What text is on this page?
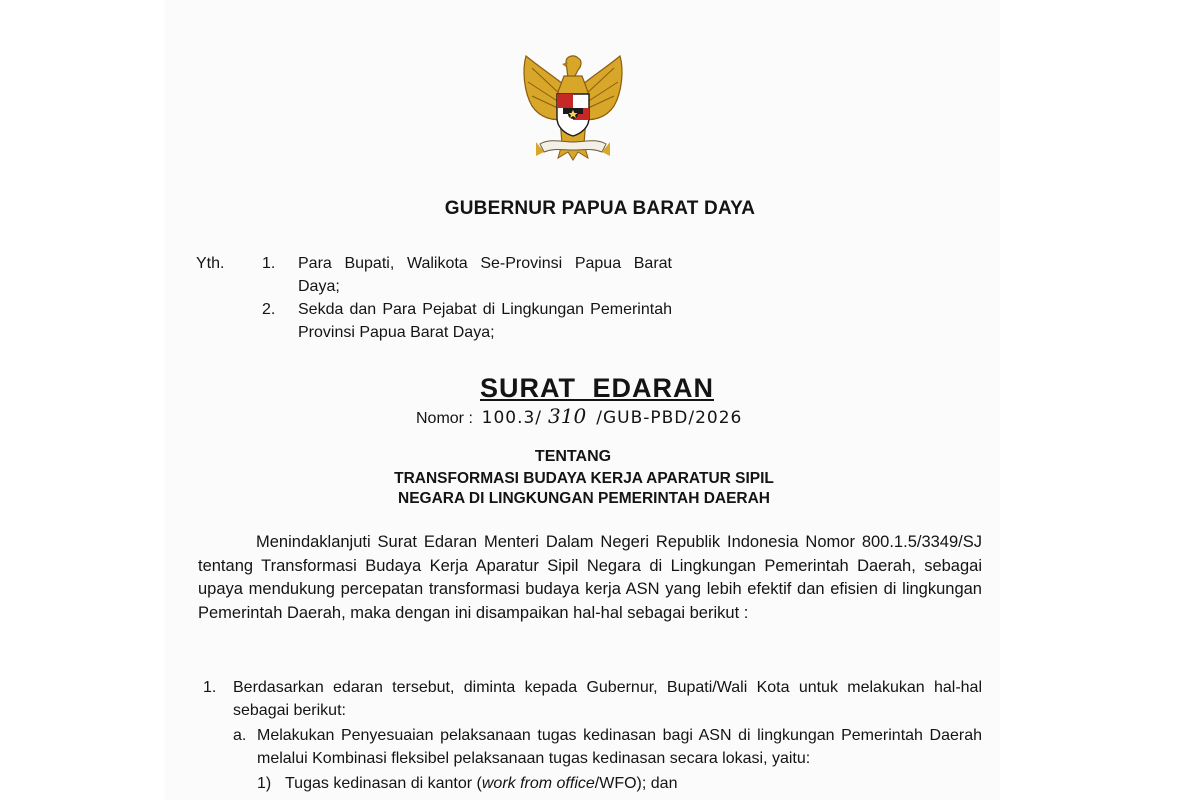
GUBERNUR PAPUA BARAT DAYA
Yth. 1. Para Bupati, Walikota Se-Provinsi Papua Barat Daya;
2. Sekda dan Para Pejabat di Lingkungan Pemerintah Provinsi Papua Barat Daya;
SURAT EDARAN
Nomor : 100.3/ 310 /GUB-PBD/2026
TENTANG
TRANSFORMASI BUDAYA KERJA APARATUR SIPIL
NEGARA DI LINGKUNGAN PEMERINTAH DAERAH
Menindaklanjuti Surat Edaran Menteri Dalam Negeri Republik Indonesia Nomor 800.1.5/3349/SJ tentang Transformasi Budaya Kerja Aparatur Sipil Negara di Lingkungan Pemerintah Daerah, sebagai upaya mendukung percepatan transformasi budaya kerja ASN yang lebih efektif dan efisien di lingkungan Pemerintah Daerah, maka dengan ini disampaikan hal-hal sebagai berikut :
1. Berdasarkan edaran tersebut, diminta kepada Gubernur, Bupati/Wali Kota untuk melakukan hal-hal sebagai berikut:
a. Melakukan Penyesuaian pelaksanaan tugas kedinasan bagi ASN di lingkungan Pemerintah Daerah melalui Kombinasi fleksibel pelaksanaan tugas kedinasan secara lokasi, yaitu:
1) Tugas kedinasan di kantor (work from office/WFO); dan
